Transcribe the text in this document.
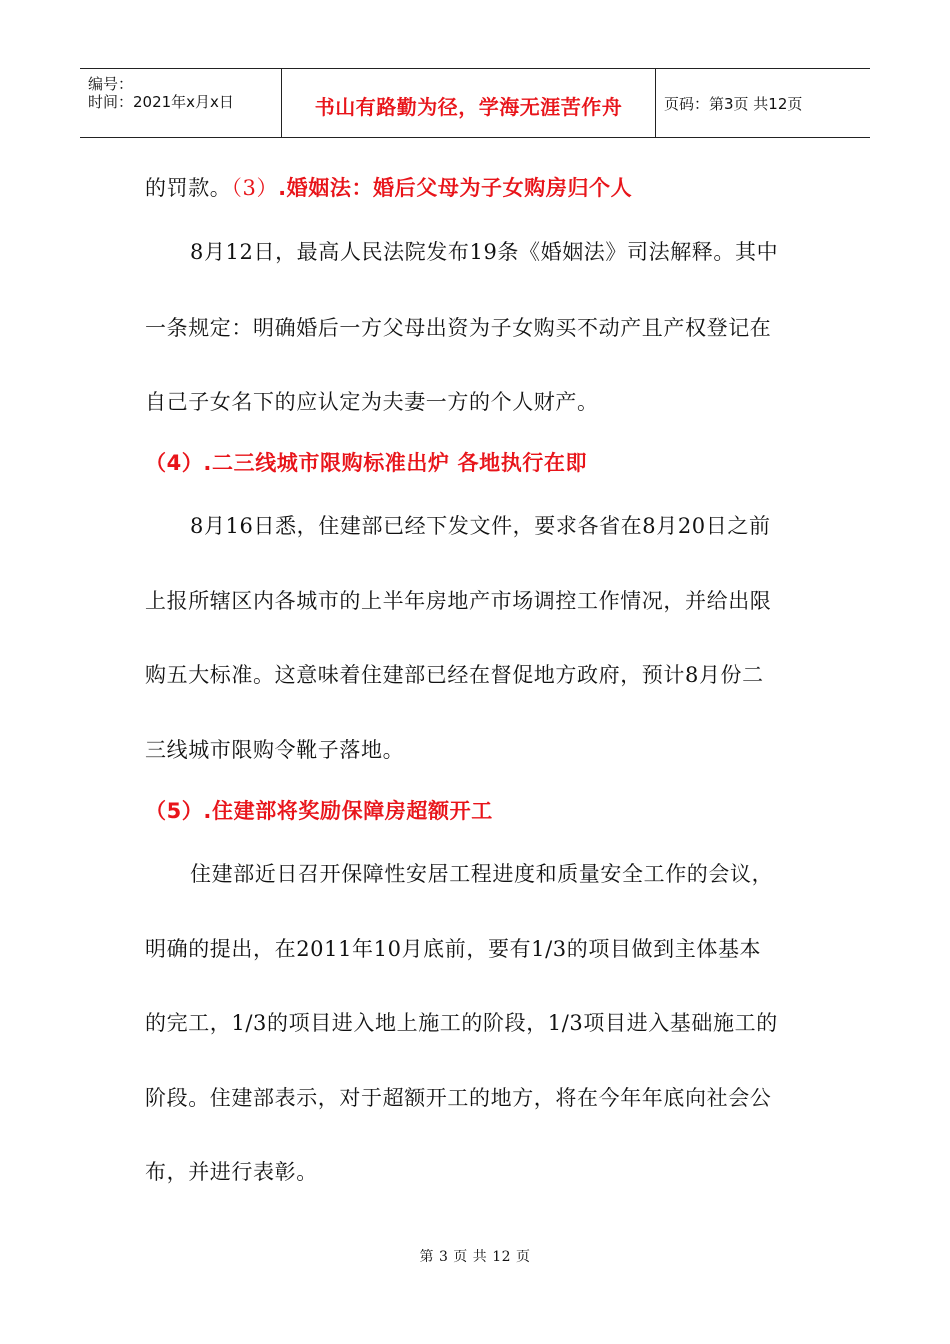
编号：
时间：2021年x月x日	书山有路勤为径，学海无涯苦作舟	页码：第3页 共12页
的罚款。（3）.婚姻法：婚后父母为子女购房归个人
8月12日，最高人民法院发布19条《婚姻法》司法解释。其中
一条规定：明确婚后一方父母出资为子女购买不动产且产权登记在
自己子女名下的应认定为夫妻一方的个人财产。
（4）.二三线城市限购标准出炉 各地执行在即
8月16日悉，住建部已经下发文件，要求各省在8月20日之前
上报所辖区内各城市的上半年房地产市场调控工作情况，并给出限
购五大标准。这意味着住建部已经在督促地方政府，预计8月份二
三线城市限购令靴子落地。
（5）.住建部将奖励保障房超额开工
住建部近日召开保障性安居工程进度和质量安全工作的会议，
明确的提出，在2011年10月底前，要有1/3的项目做到主体基本
的完工，1/3的项目进入地上施工的阶段，1/3项目进入基础施工的
阶段。住建部表示，对于超额开工的地方，将在今年年底向社会公
布，并进行表彰。
第 3 页 共 12 页
